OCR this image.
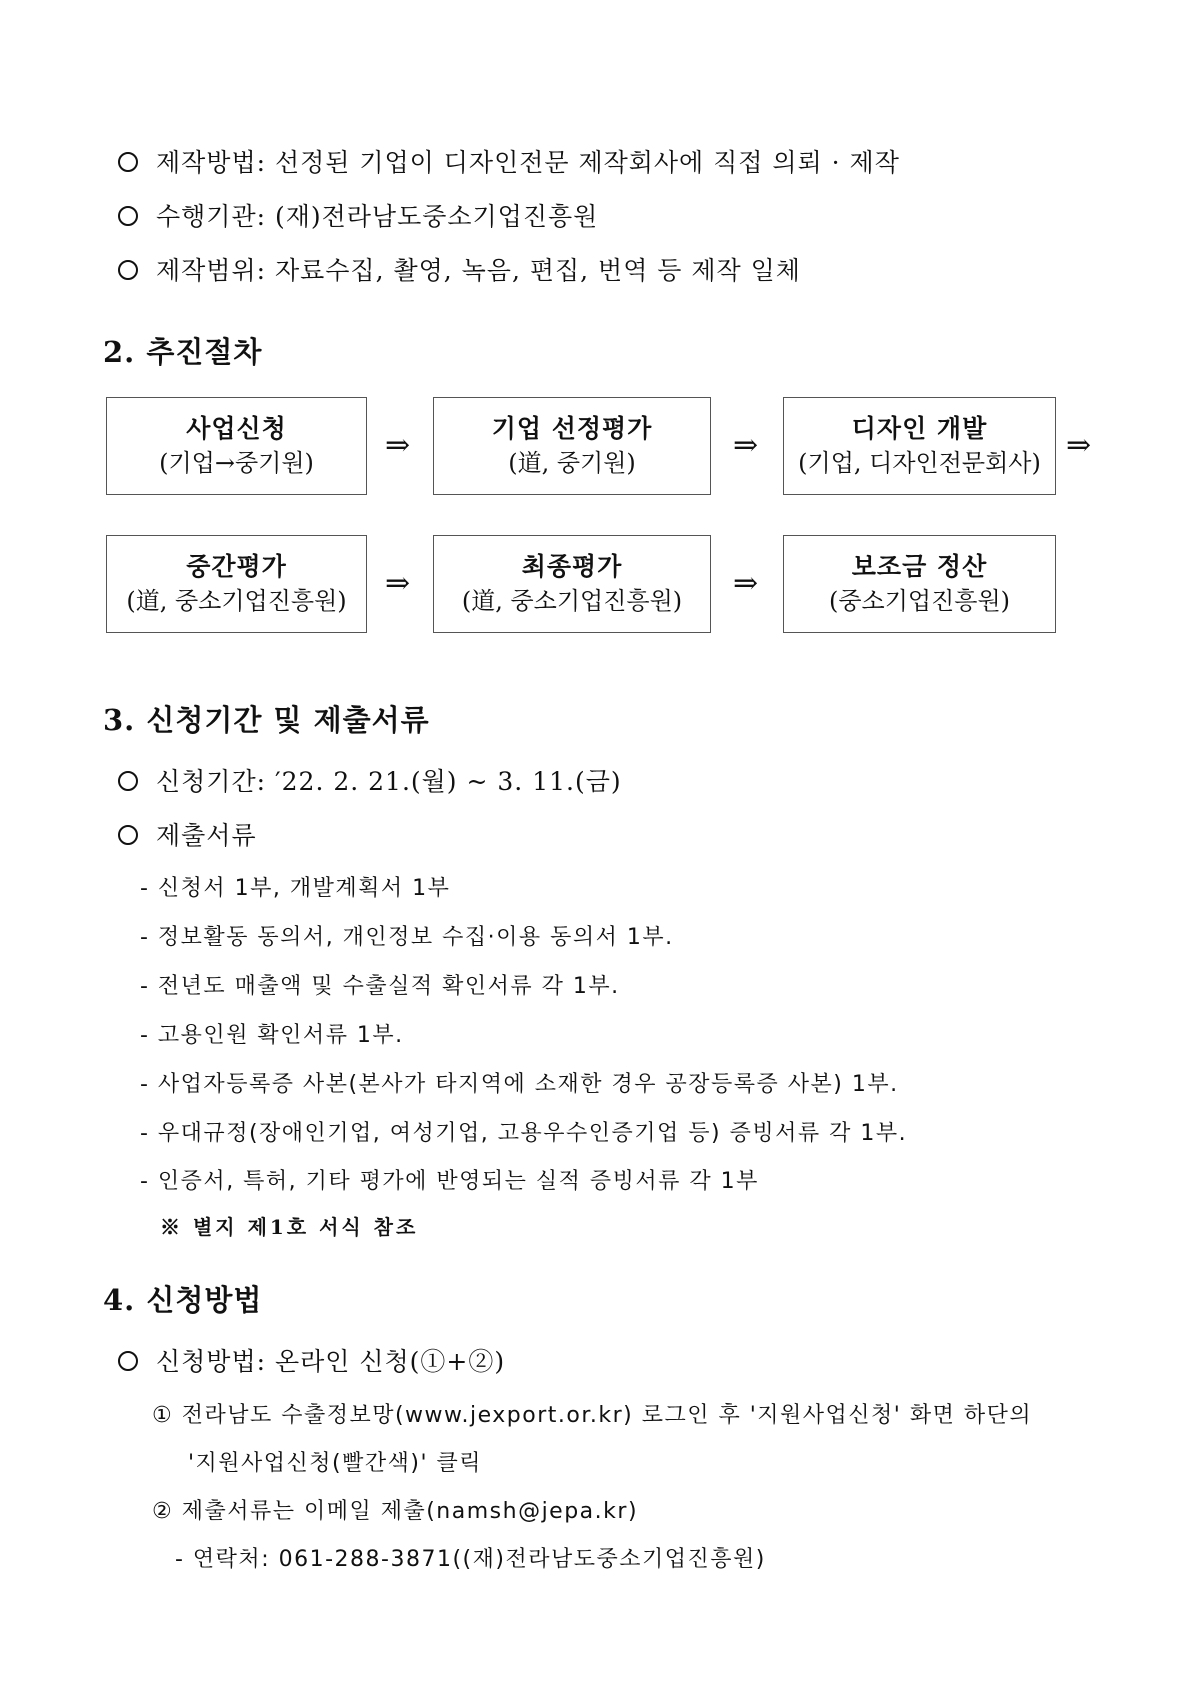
제작방법: 선정된 기업이 디자인전문 제작회사에 직접 의뢰 · 제작
수행기관: (재)전라남도중소기업진흥원
제작범위: 자료수집, 촬영, 녹음, 편집, 번역 등 제작 일체
2. 추진절차
사업신청
(기업→중기원) ⇒	기업 선정평가
(道, 중기원)	⇒	디자인 개발
(기업, 디자인전문회사) ⇒
중간평가
(道, 중소기업진흥원) ⇒	최종평가
(道, 중소기업진흥원) ⇒	보조금 정산
(중소기업진흥원)
3. 신청기간 및 제출서류
신청기간: ′22. 2. 21.(월) ~ 3. 11.(금)
제출서류
- 신청서 1부, 개발계획서 1부
- 정보활동 동의서, 개인정보 수집·이용 동의서 1부.
- 전년도 매출액 및 수출실적 확인서류 각 1부.
- 고용인원 확인서류 1부.
- 사업자등록증 사본(본사가 타지역에 소재한 경우 공장등록증 사본) 1부.
- 우대규정(장애인기업, 여성기업, 고용우수인증기업 등) 증빙서류 각 1부.
- 인증서, 특허, 기타 평가에 반영되는 실적 증빙서류 각 1부
※ 별지 제1호 서식 참조
4. 신청방법
신청방법: 온라인 신청(①+②)
① 전라남도 수출정보망(www.jexport.or.kr) 로그인 후 '지원사업신청' 화면 하단의
'지원사업신청(빨간색)' 클릭
② 제출서류는 이메일 제출(namsh@jepa.kr)
- 연락처: 061-288-3871((재)전라남도중소기업진흥원)
